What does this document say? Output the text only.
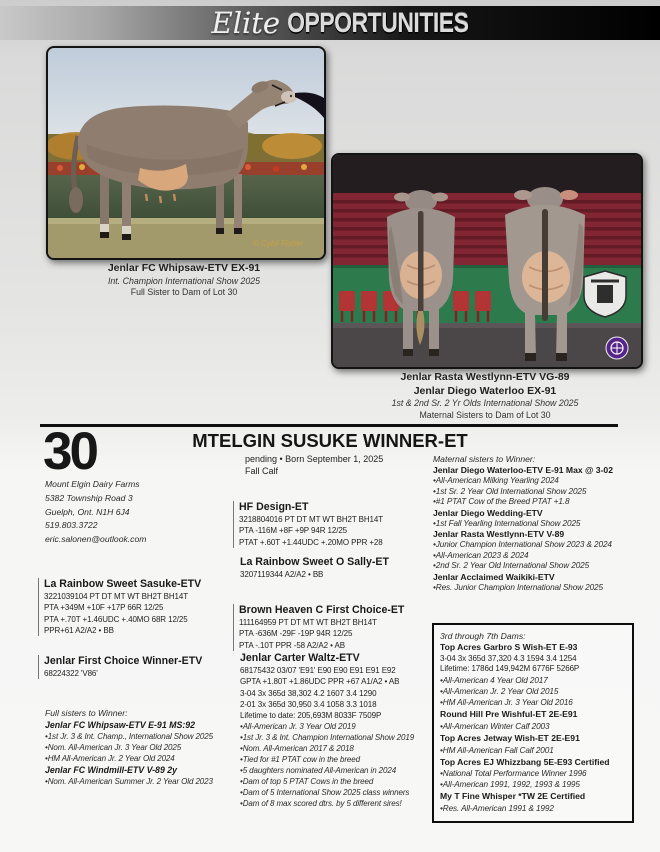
Elite OPPORTUNITIES
© Cybil Fisher
Jenlar FC Whipsaw-ETV EX-91
Int. Champion International Show 2025
Full Sister to Dam of Lot 30
Jenlar Rasta Westlynn-ETV VG-89
Jenlar Diego Waterloo EX-91
1st & 2nd Sr. 2 Yr Olds International Show 2025
Maternal Sisters to Dam of Lot 30
30	MTELGIN SUSUKE WINNER-ET
pending • Born September 1, 2025
Fall Calf
Mount Elgin Dairy Farms
5382 Township Road 3
Guelph, Ont. N1H 6J4
519.803.3722
eric.salonen@outlook.com
La Rainbow Sweet Sasuke-ETV
3221039104 PT DT MT WT BH2T BH14T
PTA +349M +10F +17P 66R 12/25
PTA +.70T +1.46UDC +.40MO 68R 12/25
PPR+61 A2/A2 • BB
Jenlar First Choice Winner-ETV
68224322 'V86'
Full sisters to Winner:
Jenlar FC Whipsaw-ETV E-91 MS:92
•1st Jr. 3 & Int. Champ., International Show 2025
•Nom. All-American Jr. 3 Year Old 2025
•HM All-American Jr. 2 Year Old 2024
Jenlar FC Windmill-ETV V-89 2y
•Nom. All-American Summer Jr. 2 Year Old 2023
HF Design-ET
3218804016 PT DT MT WT BH2T BH14T
PTA -116M +8F +9P 94R 12/25
PTAT +.60T +1.44UDC +.20MO PPR +28
La Rainbow Sweet O Sally-ET
3207119344 A2/A2 • BB
Brown Heaven C First Choice-ET
111164959 PT DT MT WT BH2T BH14T
PTA -636M -29F -19P 94R 12/25
PTA -.10T PPR -58 A2/A2 • AB
Jenlar Carter Waltz-ETV
68175432 03/07 'E91' E90 E90 E91 E91 E92
GPTA +1.80T +1.86UDC PPR +67 A1/A2 • AB
3-04 3x 365d 38,302 4.2 1607 3.4 1290
2-01 3x 365d 30,950 3.4 1058 3.3 1018
Lifetime to date: 205,693M 8033F 7509P
•All-American Jr. 3 Year Old 2019
•1st Jr. 3 & Int. Champion International Show 2019
•Nom. All-American 2017 & 2018
•Tied for #1 PTAT cow in the breed
•5 daughters nominated All-American in 2024
•Dam of top 5 PTAT Cows in the breed
•Dam of 5 International Show 2025 class winners
•Dam of 8 max scored dtrs. by 5 different sires!
Maternal sisters to Winner:
Jenlar Diego Waterloo-ETV E-91 Max @ 3-02
•All-American Milking Yearling 2024
•1st Sr. 2 Year Old International Show 2025
•#1 PTAT Cow of the Breed PTAT +1.8
Jenlar Diego Wedding-ETV
•1st Fall Yearling International Show 2025
Jenlar Rasta Westlynn-ETV V-89
•Junior Champion International Show 2023 & 2024
•All-American 2023 & 2024
•2nd Sr. 2 Year Old International Show 2025
Jenlar Acclaimed Waikiki-ETV
•Res. Junior Champion International Show 2025
3rd through 7th Dams:
Top Acres Garbro S Wish-ET E-93
3-04 3x 365d 37,320 4.3 1594 3.4 1254
Lifetime: 1786d 149,942M 6776F 5266P
•All-American 4 Year Old 2017
•All-American Jr. 2 Year Old 2015
•HM All-American Jr. 3 Year Old 2016
Round Hill Pre Wishful-ET 2E-E91
•All-American Winter Calf 2003
Top Acres Jetway Wish-ET 2E-E91
•HM All-American Fall Calf 2001
Top Acres EJ Whizzbang 5E-E93 Certified
•National Total Performance Winner 1996
•All-American 1991, 1992, 1993 & 1995
My T Fine Whisper *TW 2E Certified
•Res. All-American 1991 & 1992
